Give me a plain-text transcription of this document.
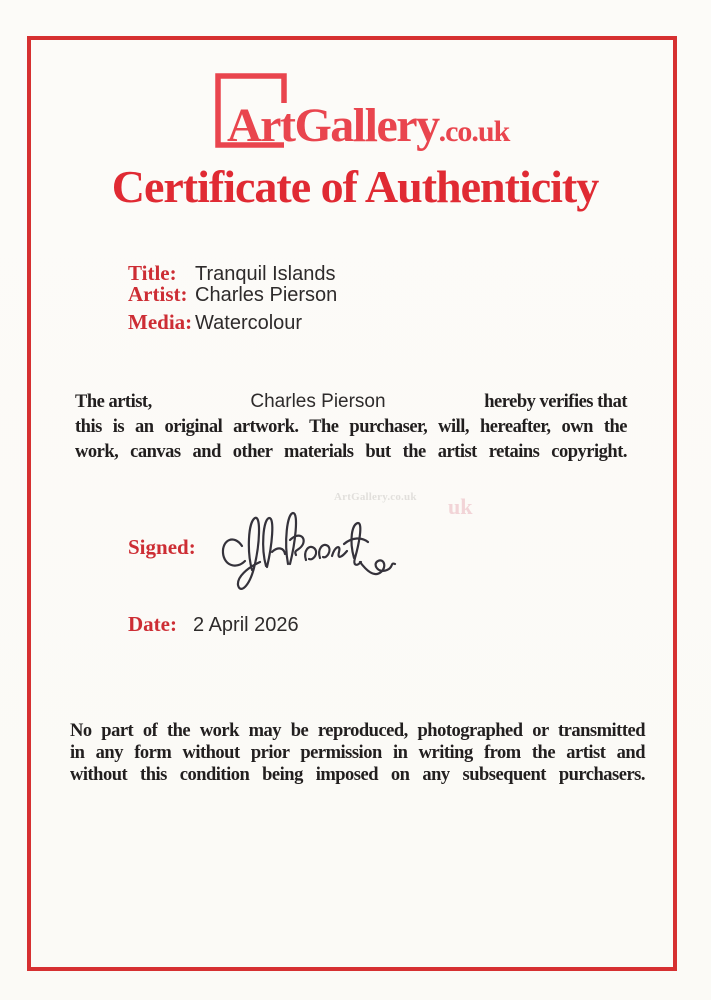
ArtGallery.co.uk
Certificate of Authenticity
Title: Tranquil Islands
Artist: Charles Pierson
Media: Watercolour
The artist,	Charles Pierson	hereby verifies that
this is an original artwork. The purchaser, will, hereafter, own the
work, canvas and other materials but the artist retains copyright.
ArtGallery.co.uk uk
Signed:
Date: 2 April 2026
No part of the work may be reproduced, photographed or transmitted
in any form without prior permission in writing from the artist and
without this condition being imposed on any subsequent purchasers.
